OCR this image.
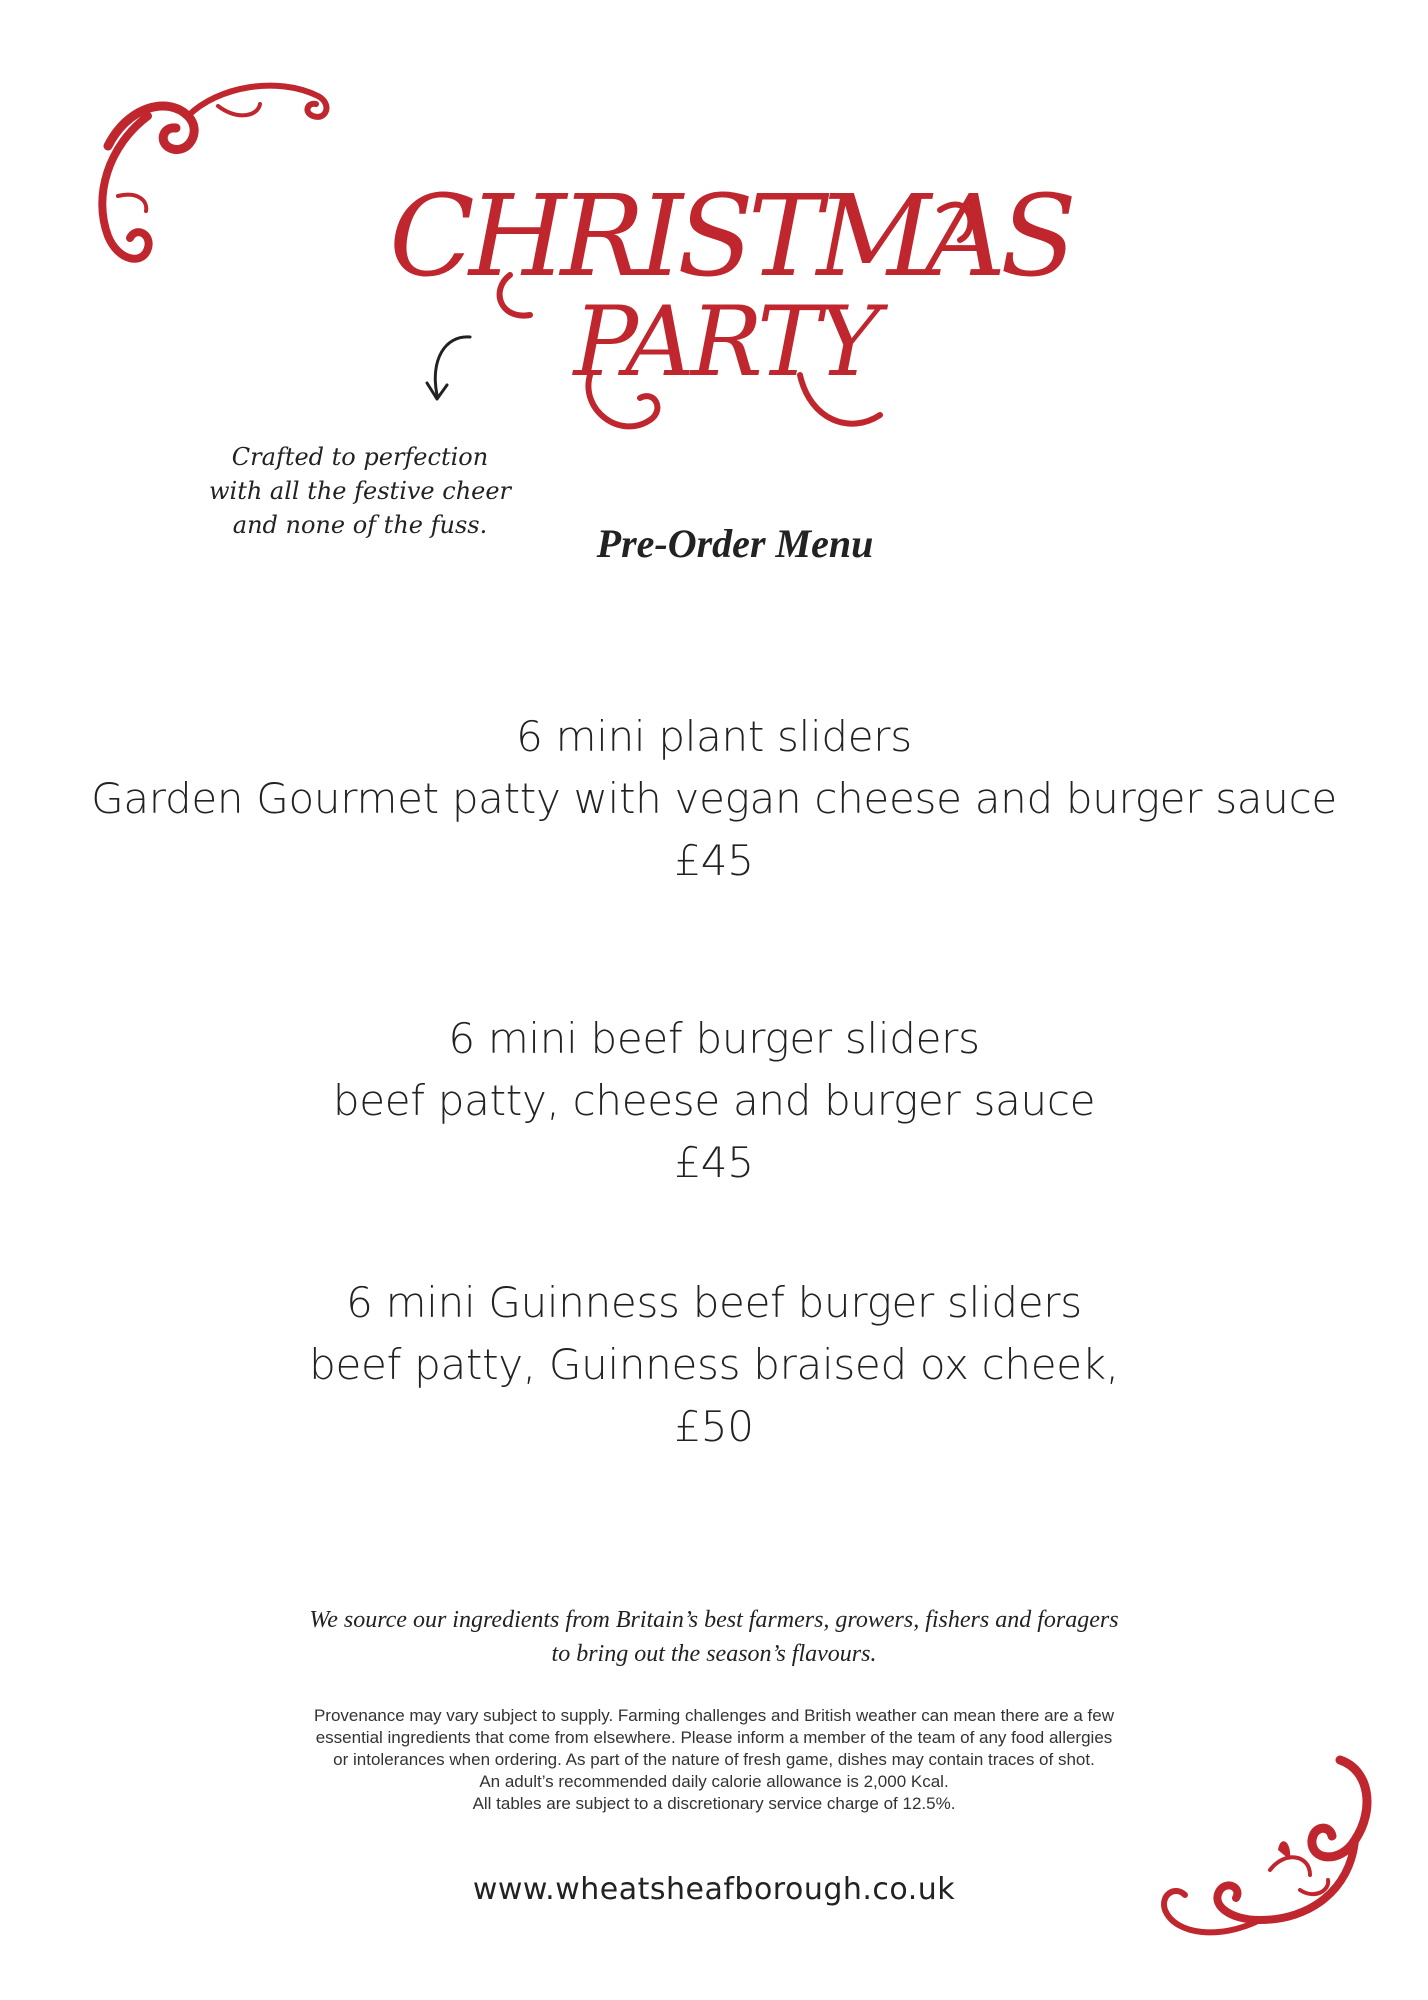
CHRISTMAS
PARTY
Crafted to perfection
with all the festive cheer
and none of the fuss.	Pre-Order Menu
6 mini plant sliders
Garden Gourmet patty with vegan cheese and burger sauce
£45
6 mini beef burger sliders
beef patty, cheese and burger sauce
£45
6 mini Guinness beef burger sliders
beef patty, Guinness braised ox cheek,
£50
We source our ingredients from Britain’s best farmers, growers, fishers and foragers
to bring out the season’s flavours.
Provenance may vary subject to supply. Farming challenges and British weather can mean there are a few
essential ingredients that come from elsewhere. Please inform a member of the team of any food allergies
or intolerances when ordering. As part of the nature of fresh game, dishes may contain traces of shot.
An adult’s recommended daily calorie allowance is 2,000 Kcal.
All tables are subject to a discretionary service charge of 12.5%.
www.wheatsheafborough.co.uk
